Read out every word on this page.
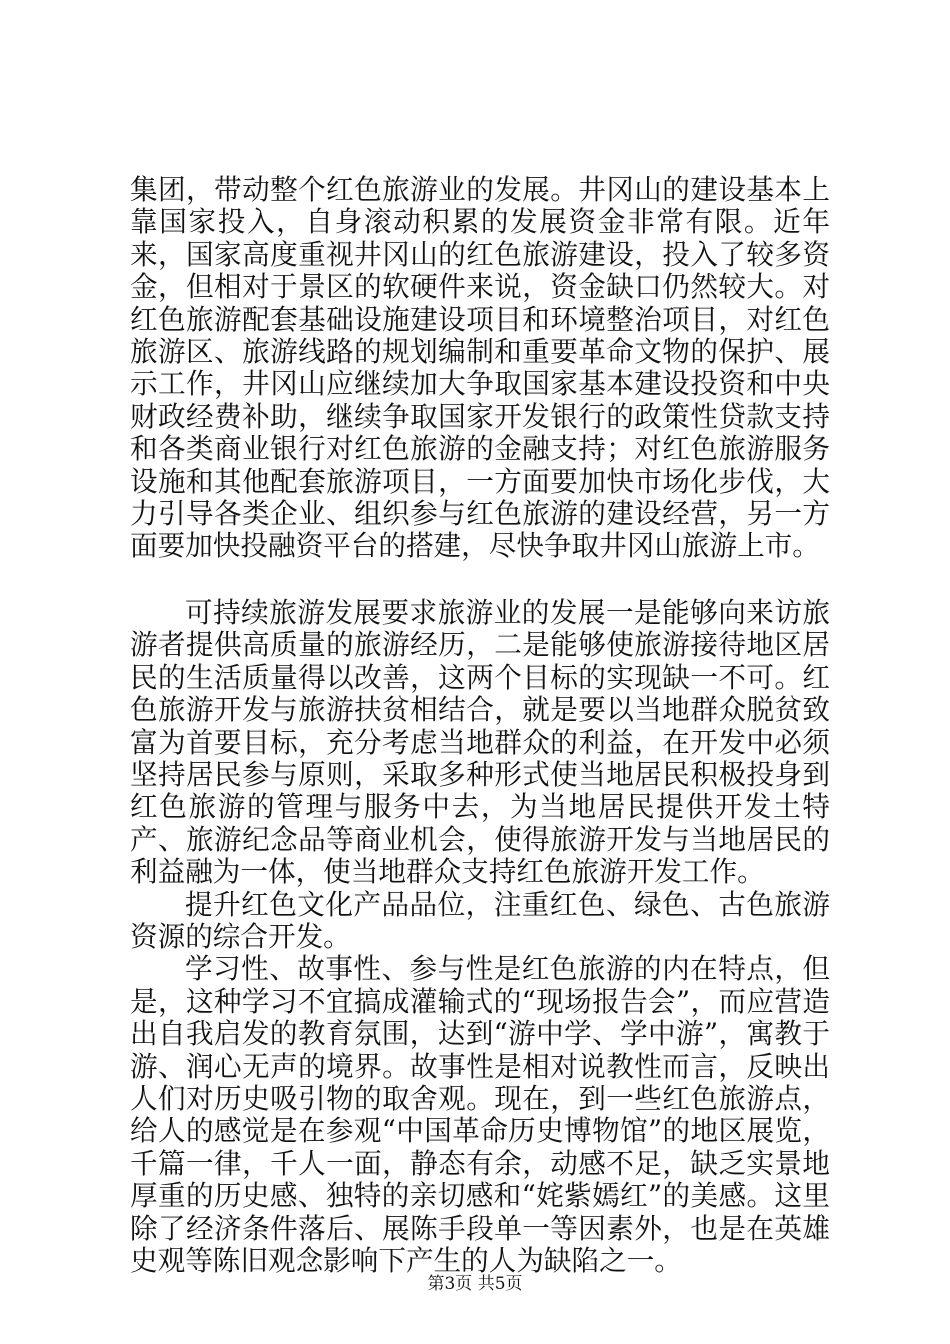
集团，带动整个红色旅游业的发展。井冈山的建设基本上靠国家投入，自身滚动积累的发展资金非常有限。近年来，国家高度重视井冈山的红色旅游建设，投入了较多资金，但相对于景区的软硬件来说，资金缺口仍然较大。对红色旅游配套基础设施建设项目和环境整治项目，对红色旅游区、旅游线路的规划编制和重要革命文物的保护、展示工作，井冈山应继续加大争取国家基本建设投资和中央财政经费补助，继续争取国家开发银行的政策性贷款支持和各类商业银行对红色旅游的金融支持；对红色旅游服务设施和其他配套旅游项目，一方面要加快市场化步伐，大力引导各类企业、组织参与红色旅游的建设经营，另一方面要加快投融资平台的搭建，尽快争取井冈山旅游上市。

可持续旅游发展要求旅游业的发展一是能够向来访旅游者提供高质量的旅游经历，二是能够使旅游接待地区居民的生活质量得以改善，这两个目标的实现缺一不可。红色旅游开发与旅游扶贫相结合，就是要以当地群众脱贫致富为首要目标，充分考虑当地群众的利益，在开发中必须坚持居民参与原则，采取多种形式使当地居民积极投身到红色旅游的管理与服务中去，为当地居民提供开发土特产、旅游纪念品等商业机会，使得旅游开发与当地居民的利益融为一体，使当地群众支持红色旅游开发工作。

提升红色文化产品品位，注重红色、绿色、古色旅游资源的综合开发。

学习性、故事性、参与性是红色旅游的内在特点，但是，这种学习不宜搞成灌输式的“现场报告会”，而应营造出自我启发的教育氛围，达到“游中学、学中游”，寓教于游、润心无声的境界。故事性是相对说教性而言，反映出人们对历史吸引物的取舍观。现在，到一些红色旅游点，给人的感觉是在参观“中国革命历史博物馆”的地区展览，千篇一律，千人一面，静态有余，动感不足，缺乏实景地厚重的历史感、独特的亲切感和“姹紫嫣红”的美感。这里除了经济条件落后、展陈手段单一等因素外，也是在英雄史观等陈旧观念影响下产生的人为缺陷之一。

第3页 共5页
